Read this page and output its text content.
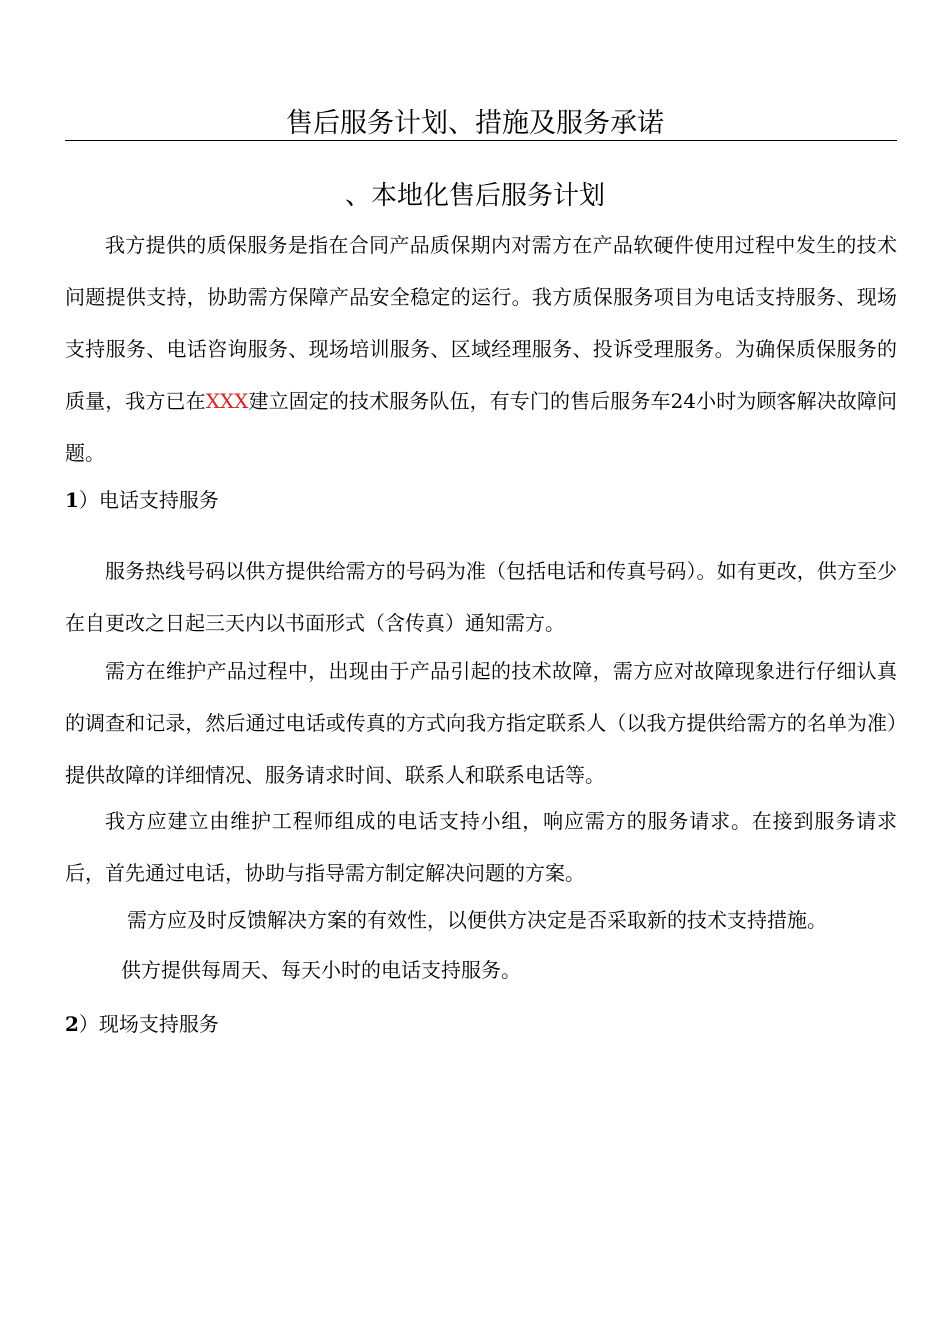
售后服务计划、措施及服务承诺
、本地化售后服务计划

我方提供的质保服务是指在合同产品质保期内对需方在产品软硬件使用过程中发生的技术问题提供支持，协助需方保障产品安全稳定的运行。我方质保服务项目为电话支持服务、现场支持服务、电话咨询服务、现场培训服务、区域经理服务、投诉受理服务。为确保质保服务的质量，我方已在XXX建立固定的技术服务队伍，有专门的售后服务车24小时为顾客解决故障问题。

1）电话支持服务

服务热线号码以供方提供给需方的号码为准（包括电话和传真号码）。如有更改，供方至少在自更改之日起三天内以书面形式（含传真）通知需方。

需方在维护产品过程中，出现由于产品引起的技术故障，需方应对故障现象进行仔细认真的调查和记录，然后通过电话或传真的方式向我方指定联系人（以我方提供给需方的名单为准）提供故障的详细情况、服务请求时间、联系人和联系电话等。

我方应建立由维护工程师组成的电话支持小组，响应需方的服务请求。在接到服务请求后，首先通过电话，协助与指导需方制定解决问题的方案。

需方应及时反馈解决方案的有效性，以便供方决定是否采取新的技术支持措施。

供方提供每周天、每天小时的电话支持服务。

2）现场支持服务
